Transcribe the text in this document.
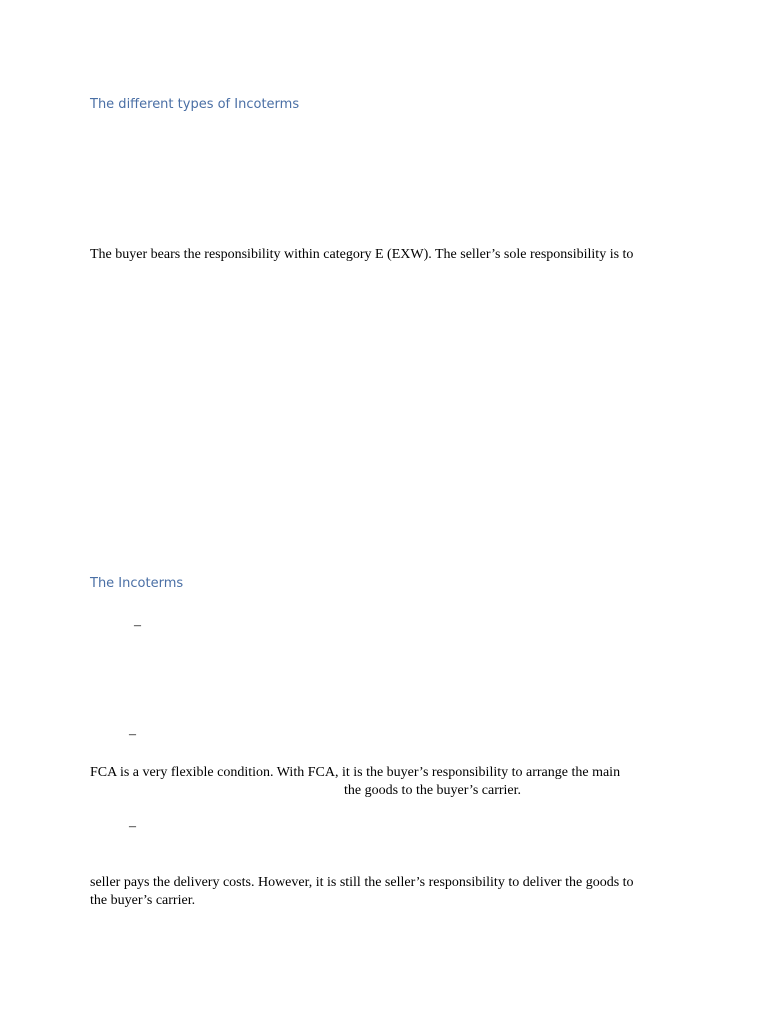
The different types of Incoterms
The buyer bears the responsibility within category E (EXW). The seller’s sole responsibility is to
The Incoterms
–
–
FCA is a very flexible condition. With FCA, it is the buyer’s responsibility to arrange the main
the goods to the buyer’s carrier.
–
seller pays the delivery costs. However, it is still the seller’s responsibility to deliver the goods to
the buyer’s carrier.
